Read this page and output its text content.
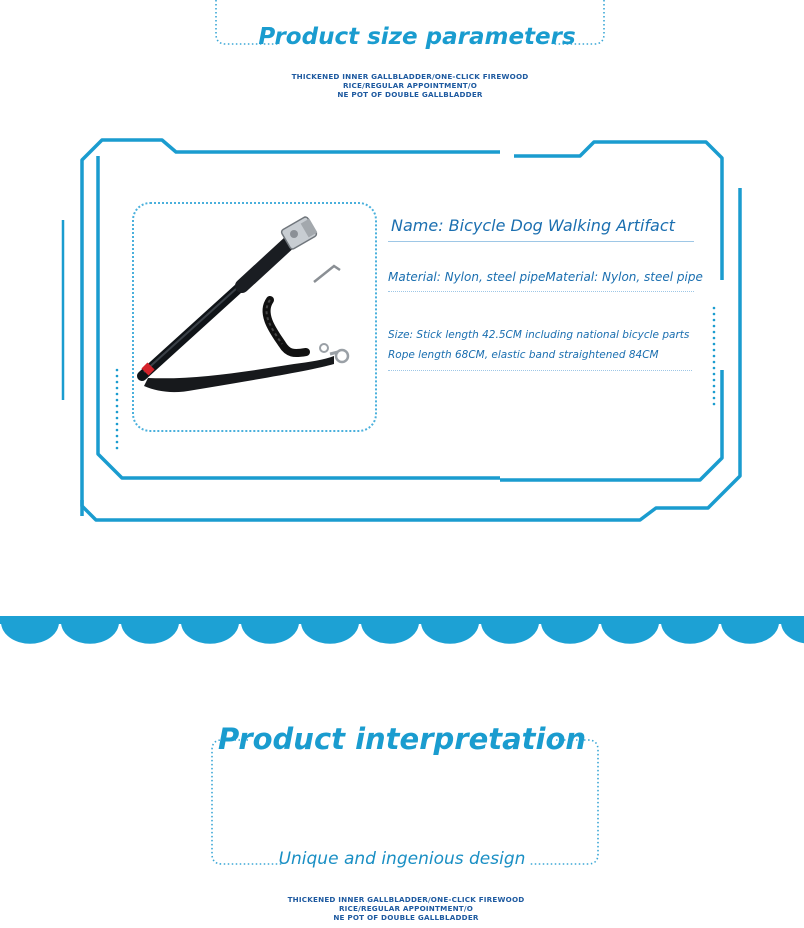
Product size parameters
THICKENED INNER GALLBLADDER/ONE-CLICK FIREWOOD
RICE/REGULAR APPOINTMENT/O
NE POT OF DOUBLE GALLBLADDER
Name: Bicycle Dog Walking Artifact
Material: Nylon, steel pipeMaterial: Nylon, steel pipe
Size: Stick length 42.5CM including national bicycle parts
Rope length 68CM, elastic band straightened 84CM
Product interpretation
Unique and ingenious design
THICKENED INNER GALLBLADDER/ONE-CLICK FIREWOOD
RICE/REGULAR APPOINTMENT/O
NE POT OF DOUBLE GALLBLADDER
